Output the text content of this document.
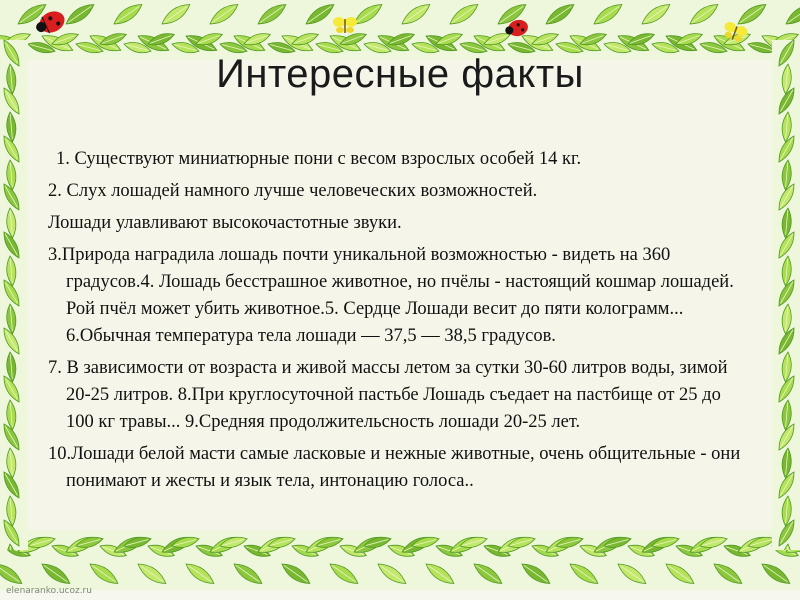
Интересные факты

1. Существуют миниатюрные пони с весом взрослых особей 14 кг.

2. Слух лошадей намного лучше человеческих возможностей.

Лошади улавливают высокочастотные звуки.

3.Природа наградила лошадь почти уникальной возможностью - видеть на 360 градусов.4. Лошадь бесстрашное животное, но пчёлы - настоящий кошмар лошадей. Рой пчёл может убить животное.5. Сердце Лошади весит до пяти колограмм... 6.Обычная температура тела лошади — 37,5 — 38,5 градусов.

7. В зависимости от возраста и живой массы летом за сутки 30-60 литров воды, зимой 20-25 литров. 8.При круглосуточной пастьбе Лошадь съедает на пастбище от 25 до 100 кг травы... 9.Средняя продолжительсность лошади 20-25 лет.

10.Лошади белой масти самые ласковые и нежные животные, очень общительные - они понимают и жесты и язык тела, интонацию голоса..

elenaranko.ucoz.ru
